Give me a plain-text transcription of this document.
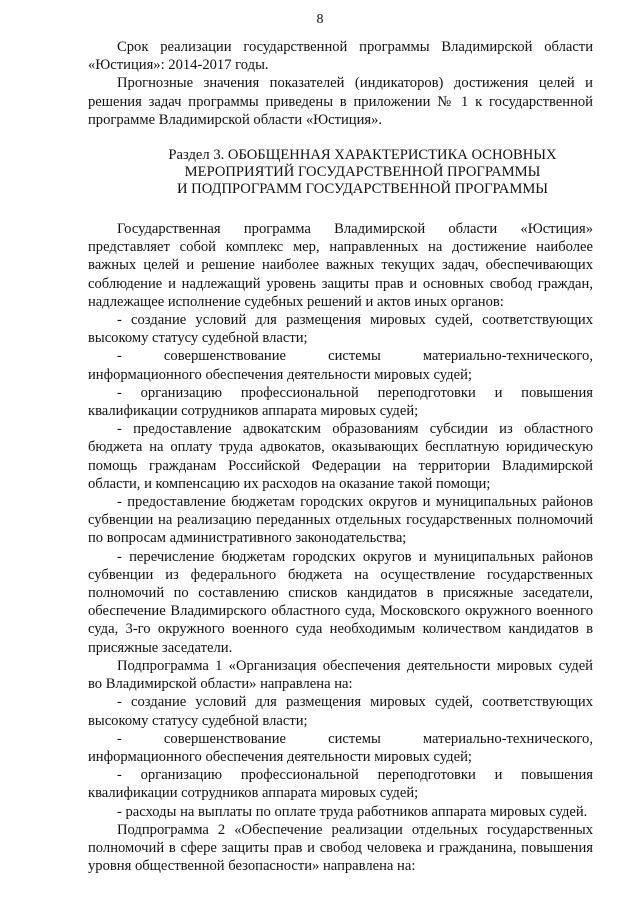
8

Срок реализации государственной программы Владимирской области «Юстиция»: 2014-2017 годы.

Прогнозные значения показателей (индикаторов) достижения целей и решения задач программы приведены в приложении № 1 к государственной программе Владимирской области «Юстиция».

Раздел 3. ОБОБЩЕННАЯ ХАРАКТЕРИСТИКА ОСНОВНЫХ
МЕРОПРИЯТИЙ ГОСУДАРСТВЕННОЙ ПРОГРАММЫ
И ПОДПРОГРАММ ГОСУДАРСТВЕННОЙ ПРОГРАММЫ

Государственная программа Владимирской области «Юстиция» представляет собой комплекс мер, направленных на достижение наиболее важных целей и решение наиболее важных текущих задач, обеспечивающих соблюдение и надлежащий уровень защиты прав и основных свобод граждан, надлежащее исполнение судебных решений и актов иных органов:

- создание условий для размещения мировых судей, соответствующих высокому статусу судебной власти;

- совершенствование системы материально-технического, информационного обеспечения деятельности мировых судей;

- организацию профессиональной переподготовки и повышения квалификации сотрудников аппарата мировых судей;

- предоставление адвокатским образованиям субсидии из областного бюджета на оплату труда адвокатов, оказывающих бесплатную юридическую помощь гражданам Российской Федерации на территории Владимирской области, и компенсацию их расходов на оказание такой помощи;

- предоставление бюджетам городских округов и муниципальных районов субвенции на реализацию переданных отдельных государственных полномочий по вопросам административного законодательства;

- перечисление бюджетам городских округов и муниципальных районов субвенции из федерального бюджета на осуществление государственных полномочий по составлению списков кандидатов в присяжные заседатели, обеспечение Владимирского областного суда, Московского окружного военного суда, 3-го окружного военного суда необходимым количеством кандидатов в присяжные заседатели.

Подпрограмма 1 «Организация обеспечения деятельности мировых судей во Владимирской области» направлена на:

- создание условий для размещения мировых судей, соответствующих высокому статусу судебной власти;

- совершенствование системы материально-технического, информационного обеспечения деятельности мировых судей;

- организацию профессиональной переподготовки и повышения квалификации сотрудников аппарата мировых судей;

- расходы на выплаты по оплате труда работников аппарата мировых судей.

Подпрограмма 2 «Обеспечение реализации отдельных государственных полномочий в сфере защиты прав и свобод человека и гражданина, повышения уровня общественной безопасности» направлена на:
